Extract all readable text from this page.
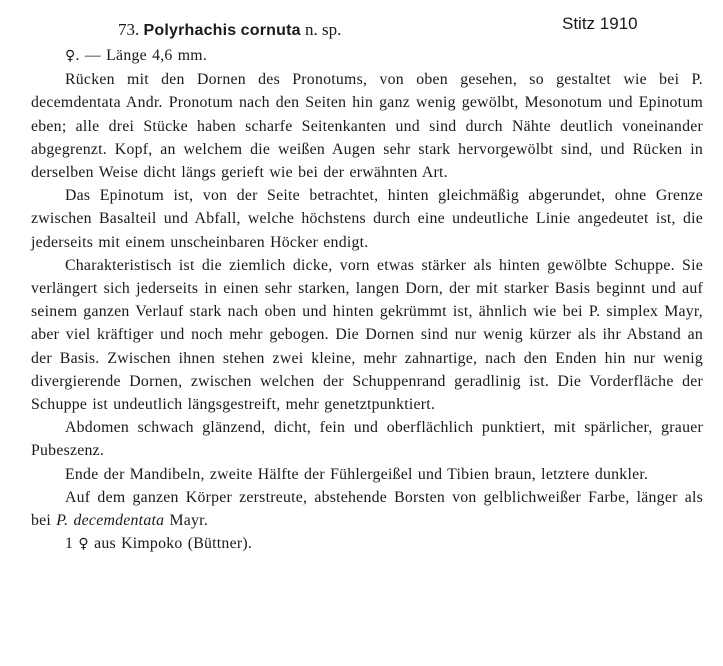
73. Polyrhachis cornuta n. sp.	Stitz 1910

♀. — Länge 4,6 mm.

Rücken mit den Dornen des Pronotums, von oben gesehen, so gestaltet wie bei P. decemdentata Andr. Pronotum nach den Seiten hin ganz wenig gewölbt, Mesonotum und Epinotum eben; alle drei Stücke haben scharfe Seitenkanten und sind durch Nähte deutlich voneinander abgegrenzt. Kopf, an welchem die weißen Augen sehr stark hervorgewölbt sind, und Rücken in derselben Weise dicht längs gerieft wie bei der erwähnten Art.

Das Epinotum ist, von der Seite betrachtet, hinten gleichmäßig abgerundet, ohne Grenze zwischen Basalteil und Abfall, welche höchstens durch eine undeutliche Linie angedeutet ist, die jederseits mit einem unscheinbaren Höcker endigt.

Charakteristisch ist die ziemlich dicke, vorn etwas stärker als hinten gewölbte Schuppe. Sie verlängert sich jederseits in einen sehr starken, langen Dorn, der mit starker Basis beginnt und auf seinem ganzen Verlauf stark nach oben und hinten gekrümmt ist, ähnlich wie bei P. simplex Mayr, aber viel kräftiger und noch mehr gebogen. Die Dornen sind nur wenig kürzer als ihr Abstand an der Basis. Zwischen ihnen stehen zwei kleine, mehr zahnartige, nach den Enden hin nur wenig divergierende Dornen, zwischen welchen der Schuppenrand geradlinig ist. Die Vorderfläche der Schuppe ist undeutlich längsgestreift, mehr genetztpunktiert.

Abdomen schwach glänzend, dicht, fein und oberflächlich punktiert, mit spärlicher, grauer Pubeszenz.

Ende der Mandibeln, zweite Hälfte der Fühlergeißel und Tibien braun, letztere dunkler.

Auf dem ganzen Körper zerstreute, abstehende Borsten von gelblichweißer Farbe, länger als bei P. decemdentata Mayr.

1 ♀ aus Kimpoko (Büttner).
